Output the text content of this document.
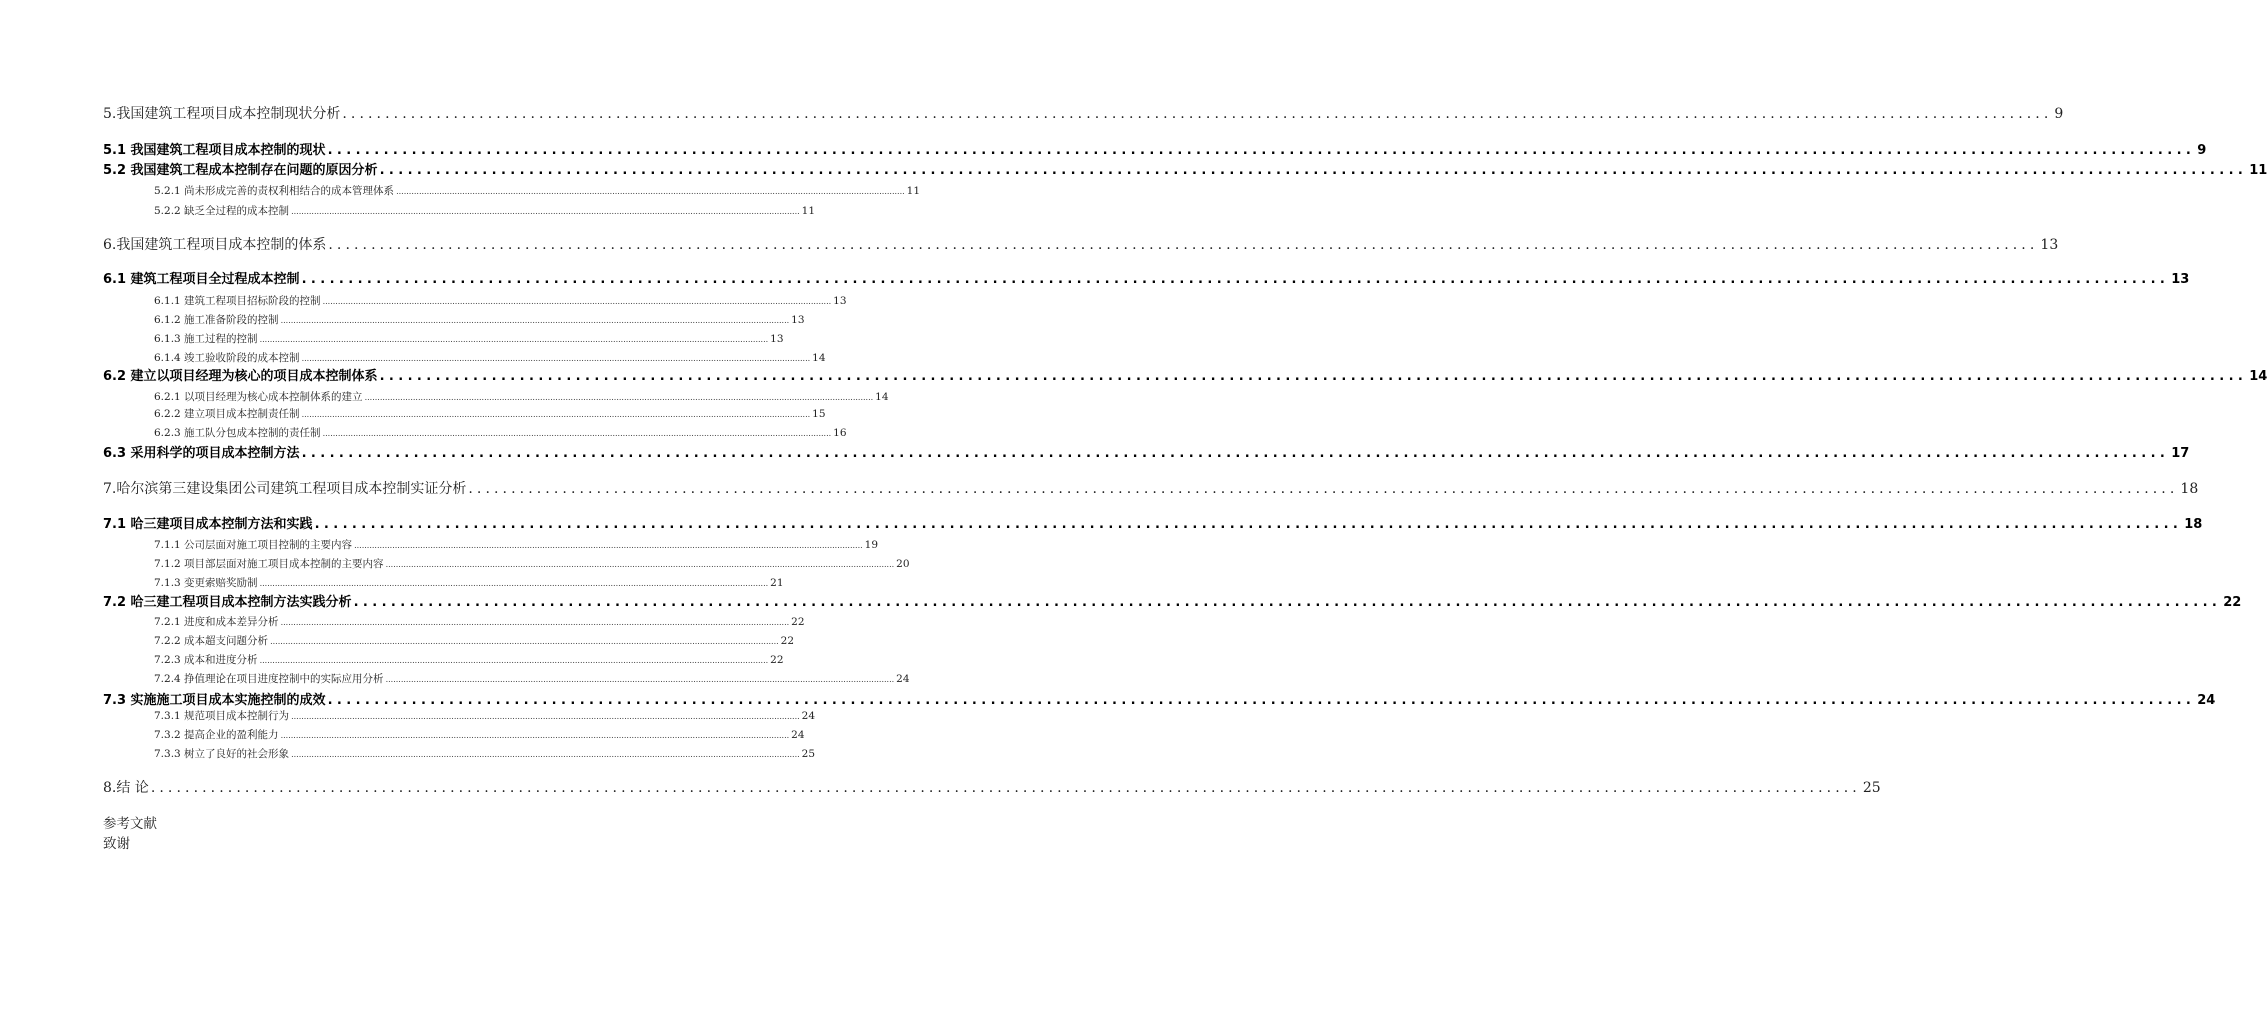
5.我国建筑工程项目成本控制现状分析 ........................................................................................................................................................................................................ 9
5.1 我国建筑工程项目成本控制的现状 ........................................................................................................................................................................................................ 9
5.2 我国建筑工程成本控制存在问题的原因分析 ........................................................................................................................................................................................................ 11
5.2.1 尚未形成完善的责权利相结合的成本管理体系 ........................................................................................................................................................................................................ 11
5.2.2 缺乏全过程的成本控制 ........................................................................................................................................................................................................ 11
6.我国建筑工程项目成本控制的体系 ........................................................................................................................................................................................................ 13
6.1 建筑工程项目全过程成本控制 ........................................................................................................................................................................................................ 13
6.1.1 建筑工程项目招标阶段的控制 ........................................................................................................................................................................................................ 13
6.1.2 施工准备阶段的控制 ........................................................................................................................................................................................................ 13
6.1.3 施工过程的控制 ........................................................................................................................................................................................................ 13
6.1.4 竣工验收阶段的成本控制 ........................................................................................................................................................................................................ 14
6.2 建立以项目经理为核心的项目成本控制体系 ........................................................................................................................................................................................................ 14
6.2.1 以项目经理为核心成本控制体系的建立 ........................................................................................................................................................................................................ 14
6.2.2 建立项目成本控制责任制 ........................................................................................................................................................................................................ 15
6.2.3 施工队分包成本控制的责任制 ........................................................................................................................................................................................................ 16
6.3 采用科学的项目成本控制方法 ........................................................................................................................................................................................................ 17
7.哈尔滨第三建设集团公司建筑工程项目成本控制实证分析 ........................................................................................................................................................................................................ 18
7.1 哈三建项目成本控制方法和实践 ........................................................................................................................................................................................................ 18
7.1.1 公司层面对施工项目控制的主要内容 ........................................................................................................................................................................................................ 19
7.1.2 项目部层面对施工项目成本控制的主要内容 ........................................................................................................................................................................................................ 20
7.1.3 变更索赔奖励制 ........................................................................................................................................................................................................ 21
7.2 哈三建工程项目成本控制方法实践分析 ........................................................................................................................................................................................................ 22
7.2.1 进度和成本差异分析 ........................................................................................................................................................................................................ 22
7.2.2 成本超支问题分析 ........................................................................................................................................................................................................ 22
7.2.3 成本和进度分析 ........................................................................................................................................................................................................ 22
7.2.4 挣值理论在项目进度控制中的实际应用分析 ........................................................................................................................................................................................................ 24
7.3 实施施工项目成本实施控制的成效 ........................................................................................................................................................................................................ 24
7.3.1 规范项目成本控制行为 ........................................................................................................................................................................................................ 24
7.3.2 提高企业的盈利能力 ........................................................................................................................................................................................................ 24
7.3.3 树立了良好的社会形象 ........................................................................................................................................................................................................ 25
8.结 论 ........................................................................................................................................................................................................ 25
参考文献
致谢
